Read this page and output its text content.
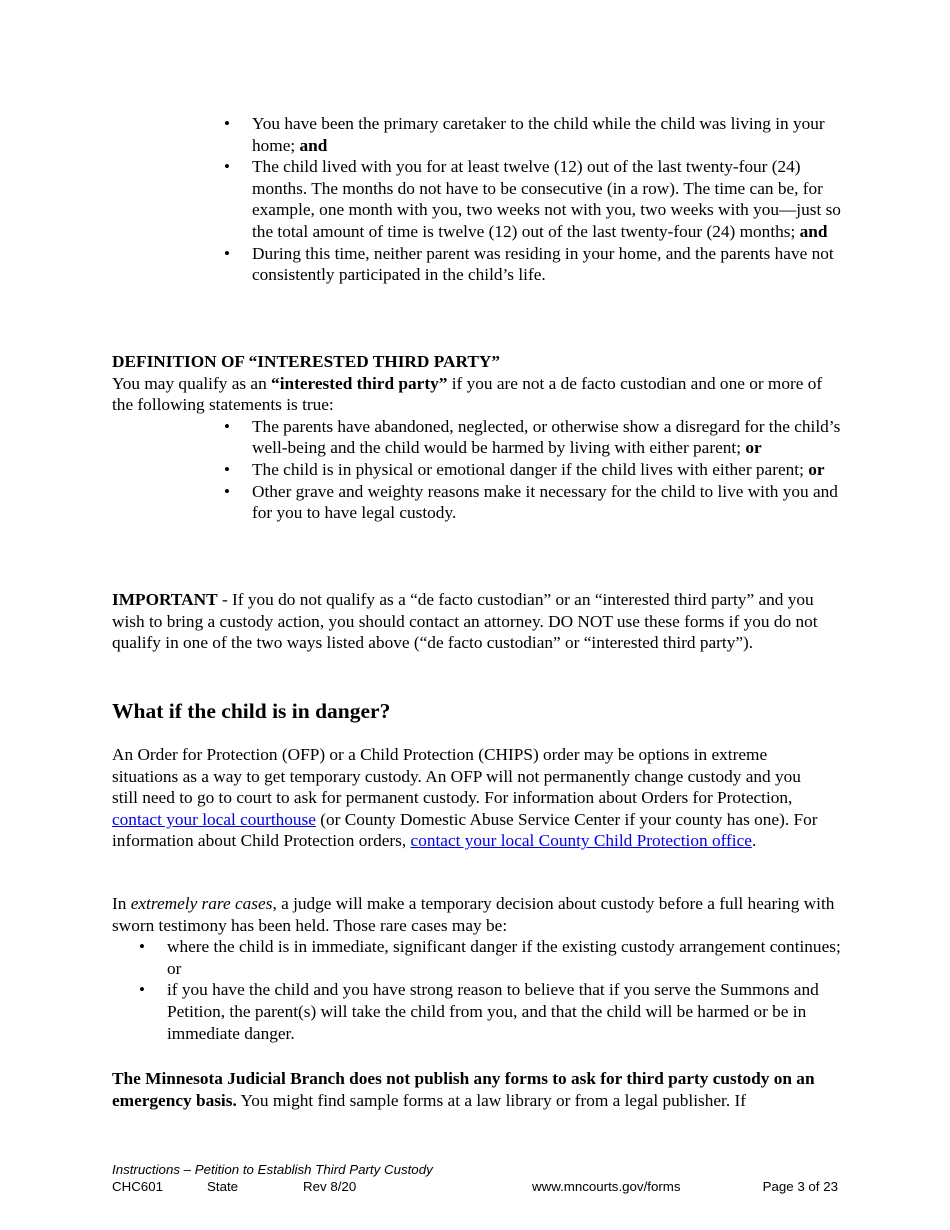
• You have been the primary caretaker to the child while the child was living in your home; and
• The child lived with you for at least twelve (12) out of the last twenty-four (24) months. The months do not have to be consecutive (in a row). The time can be, for example, one month with you, two weeks not with you, two weeks with you—just so the total amount of time is twelve (12) out of the last twenty-four (24) months; and
• During this time, neither parent was residing in your home, and the parents have not consistently participated in the child’s life.

DEFINITION OF “INTERESTED THIRD PARTY”

You may qualify as an “interested third party” if you are not a de facto custodian and one or more of the following statements is true:

• The parents have abandoned, neglected, or otherwise show a disregard for the child’s well-being and the child would be harmed by living with either parent; or
• The child is in physical or emotional danger if the child lives with either parent; or
• Other grave and weighty reasons make it necessary for the child to live with you and for you to have legal custody.

IMPORTANT - If you do not qualify as a “de facto custodian” or an “interested third party” and you wish to bring a custody action, you should contact an attorney. DO NOT use these forms if you do not qualify in one of the two ways listed above (“de facto custodian” or “interested third party”).

What if the child is in danger?

An Order for Protection (OFP) or a Child Protection (CHIPS) order may be options in extreme situations as a way to get temporary custody. An OFP will not permanently change custody and you still need to go to court to ask for permanent custody. For information about Orders for Protection, contact your local courthouse (or County Domestic Abuse Service Center if your county has one). For information about Child Protection orders, contact your local County Child Protection office.

In extremely rare cases, a judge will make a temporary decision about custody before a full hearing with sworn testimony has been held. Those rare cases may be:

• where the child is in immediate, significant danger if the existing custody arrangement continues; or
• if you have the child and you have strong reason to believe that if you serve the Summons and Petition, the parent(s) will take the child from you, and that the child will be harmed or be in immediate danger.

The Minnesota Judicial Branch does not publish any forms to ask for third party custody on an emergency basis. You might find sample forms at a law library or from a legal publisher. If

Instructions – Petition to Establish Third Party Custody
CHC601	State	Rev 8/20	www.mncourts.gov/forms	Page 3 of 23
